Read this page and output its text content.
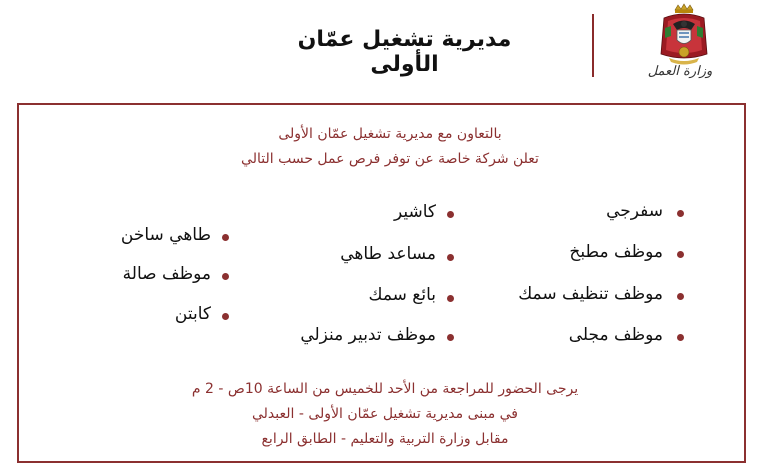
مديرية تشغيل عمّان الأولى	وزارة العمل
بالتعاون مع مديرية تشغيل عمّان الأولى
تعلن شركة خاصة عن توفر فرص عمل حسب التالي
سفرجي
موظف مطبخ
موظف تنظيف سمك
موظف مجلى
كاشير
مساعد طاهي
بائع سمك
موظف تدبير منزلي
طاهي ساخن
موظف صالة
كابتن
يرجى الحضور للمراجعة من الأحد للخميس من الساعة 10ص - 2 م
في مبنى مديرية تشغيل عمّان الأولى - العبدلي
مقابل وزارة التربية والتعليم - الطابق الرابع
